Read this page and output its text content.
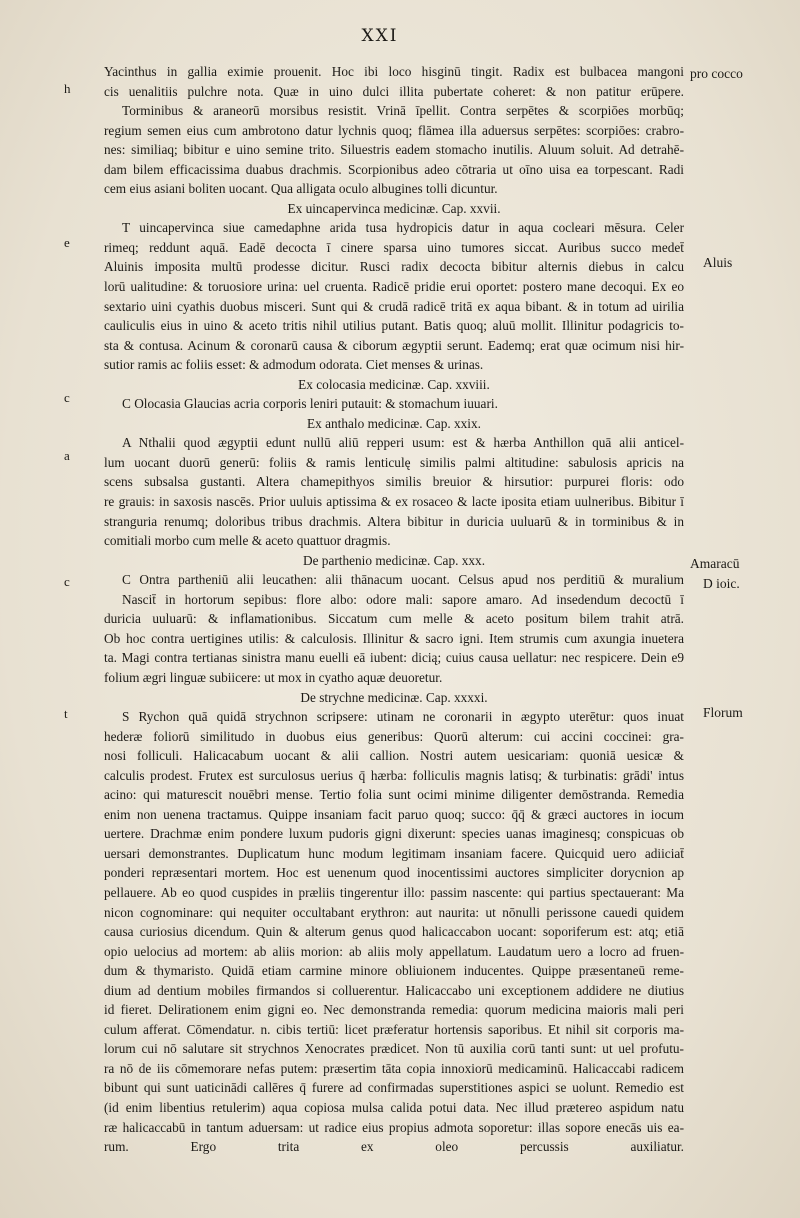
XXI
h
e
c
a
c
t
pro cocco
Aluis
Amaracū
D ioic.
Florum
Yacinthus in gallia eximie prouenit. Hoc ibi loco hisginū tingit. Radix est bulbacea mangoni
cis uenalitiis pulchre nota. Quæ in uino dulci illita pubertate coheret: & non patitur erūpere.
Torminibus & araneorū morsibus resistit. Vrinā īpellit. Contra serpētes & scorpiōes morbūq;
regium semen eius cum ambrotono datur lychnis quoq; flāmea illa aduersus serpētes: scorpiōes: crabro-
nes: similiaq; bibitur e uino semine trito. Siluestris eadem stomacho inutilis. Aluum soluit. Ad detrahē-
dam bilem efficacissima duabus drachmis. Scorpionibus adeo cōtraria ut oīno uisa ea torpescant. Radi
cem eius asiani boliten uocant. Qua alligata oculo albugines tolli dicuntur.
Ex uincapervinca medicinæ. Cap. xxvii.
T uincapervinca siue camedaphne arida tusa hydropicis datur in aqua cocleari mēsura. Celer
rimeq; reddunt aquā. Eadē decocta ī cinere sparsa uino tumores siccat. Auribus succo medet̄
Aluinis imposita multū prodesse dicitur. Rusci radix decocta bibitur alternis diebus in calcu
lorū ualitudine: & toruosiore urina: uel cruenta. Radicē pridie erui oportet: postero mane decoqui. Ex eo
sextario uini cyathis duobus misceri. Sunt qui & crudā radicē tritā ex aqua bibant. & in totum ad uirilia
cauliculis eius in uino & aceto tritis nihil utilius putant. Batis quoq; aluū mollit. Illinitur podagricis to-
sta & contusa. Acinum & coronarū causa & ciborum ægyptii serunt. Eademq; erat quæ ocimum nisi hir-
sutior ramis ac foliis esset: & admodum odorata. Ciet menses & urinas.
Ex colocasia medicinæ. Cap. xxviii.
C Olocasia Glaucias acria corporis leniri putauit: & stomachum iuuari.
Ex anthalo medicinæ. Cap. xxix.
A Nthalii quod ægyptii edunt nullū aliū repperi usum: est & hærba Anthillon quā alii anticel-
lum uocant duorū generū: foliis & ramis lenticulę similis palmi altitudine: sabulosis apricis na
scens subsalsa gustanti. Altera chamepithyos similis breuior & hirsutior: purpurei floris: odo
re grauis: in saxosis nascēs. Prior uuluis aptissima & ex rosaceo & lacte iposita etiam uulneribus. Bibitur ī
stranguria renumq; doloribus tribus drachmis. Altera bibitur in duricia uuluarū & in torminibus & in
comitiali morbo cum melle & aceto quattuor dragmis.
De parthenio medicinæ. Cap. xxx.
C Ontra partheniū alii leucathen: alii thānacum uocant. Celsus apud nos perditiū & muralium
Nascit̄ in hortorum sepibus: flore albo: odore mali: sapore amaro. Ad insedendum decoctū ī
duricia uuluarū: & inflamationibus. Siccatum cum melle & aceto positum bilem trahit atrā.
Ob hoc contra uertigines utilis: & calculosis. Illinitur & sacro igni. Item strumis cum axungia inuetera
ta. Magi contra tertianas sinistra manu euelli eā iubent: dicią; cuius causa uellatur: nec respicere. Dein e9
folium ægri linguæ subiicere: ut mox in cyatho aquæ deuoretur.
De strychne medicinæ. Cap. xxxxi.
S Rychon quā quidā strychnon scripsere: utinam ne coronarii in ægypto uterētur: quos inuat
hederæ foliorū similitudo in duobus eius generibus: Quorū alterum: cui accini coccinei: gra-
nosi folliculi. Halicacabum uocant & alii callion. Nostri autem uesicariam: quoniā uesicæ &
calculis prodest. Frutex est surculosus uerius q̄ hærba: folliculis magnis latisq; & turbinatis: grādi' intus
acino: qui maturescit nouēbri mense. Tertio folia sunt ocimi minime diligenter demōstranda. Remedia
enim non uenena tractamus. Quippe insaniam facit paruo quoq; succo: q̄q̄ & græci auctores in iocum
uertere. Drachmæ enim pondere luxum pudoris gigni dixerunt: species uanas imaginesq; conspicuas ob
uersari demonstrantes. Duplicatum hunc modum legitimam insaniam facere. Quicquid uero adiiciat̄
ponderi repræsentari mortem. Hoc est uenenum quod inocentissimi auctores simpliciter dorycnion ap
pellauere. Ab eo quod cuspides in præliis tingerentur illo: passim nascente: qui partius spectauerant: Ma
nicon cognominare: qui nequiter occultabant erythron: aut naurita: ut nōnulli perissone cauedi quidem
causa curiosius dicendum. Quin & alterum genus quod halicaccabon uocant: soporiferum est: atq; etiā
opio uelocius ad mortem: ab aliis morion: ab aliis moly appellatum. Laudatum uero a locro ad fruen-
dum & thymaristo. Quidā etiam carmine minore obliuionem inducentes. Quippe præsentaneū reme-
dium ad dentium mobiles firmandos si colluerentur. Halicaccabo uni exceptionem addidere ne diutius
id fieret. Delirationem enim gigni eo. Nec demonstranda remedia: quorum medicina maioris mali peri
culum afferat. Cōmendatur. n. cibis tertiū: licet præferatur hortensis saporibus. Et nihil sit corporis ma-
lorum cui nō salutare sit strychnos Xenocrates prædicet. Non tū auxilia corū tanti sunt: ut uel profutu-
ra nō de iis cōmemorare nefas putem: præsertim tāta copia innoxiorū medicaminū. Halicaccabi radicem
bibunt qui sunt uaticinādi callēres q̄ furere ad confirmadas superstitiones aspici se uolunt. Remedio est
(id enim libentius retulerim) aqua copiosa mulsa calida potui data. Nec illud prætereo aspidum natu
ræ halicaccabū in tantum aduersam: ut radice eius propius admota soporetur: illas sopore enecās uis ea-
rum. Ergo trita ex oleo percussis auxiliatur.
